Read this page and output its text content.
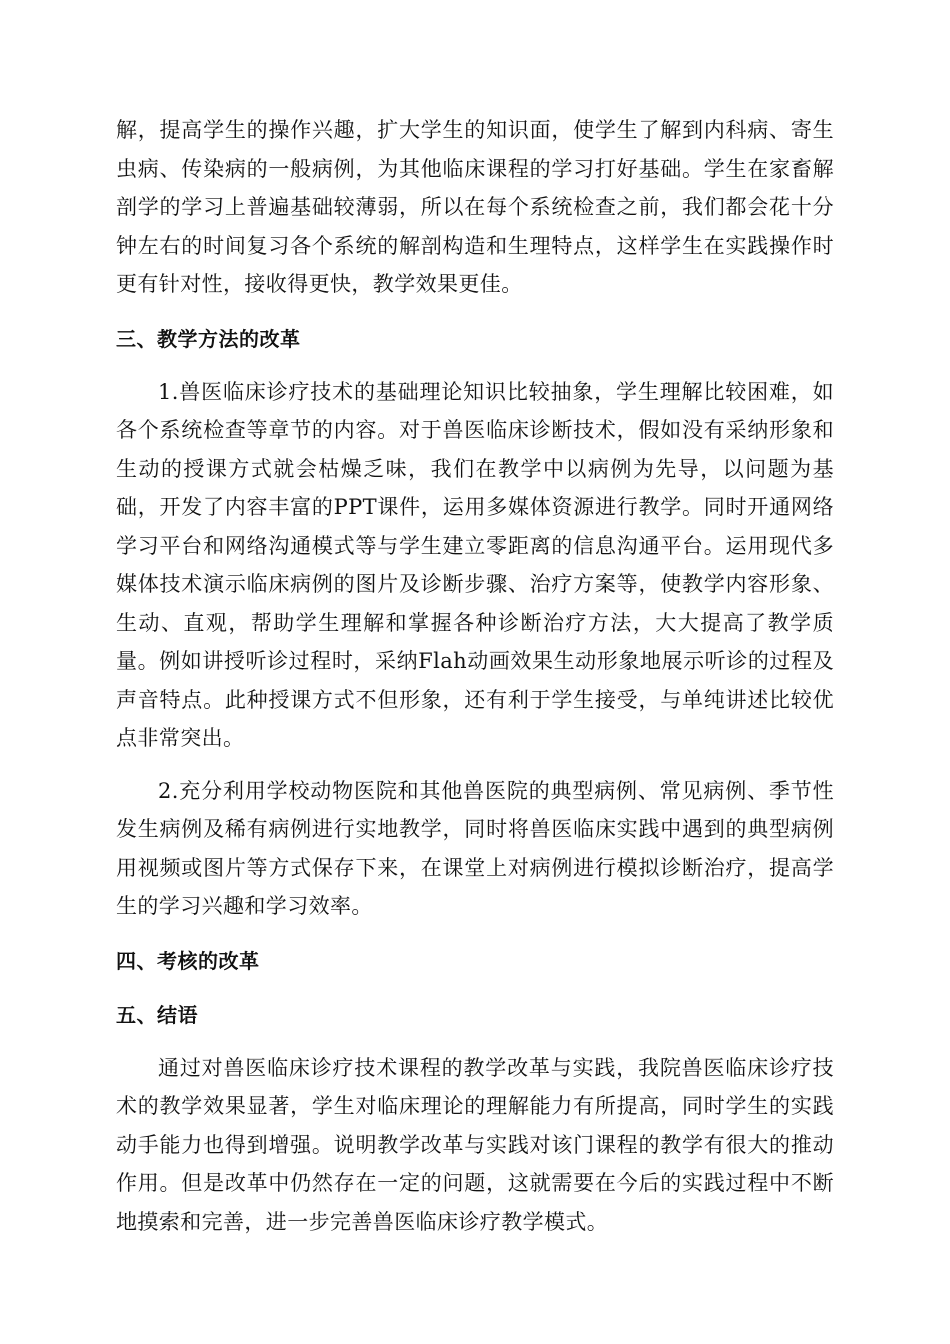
解，提高学生的操作兴趣，扩大学生的知识面，使学生了解到内科病、寄生虫病、传染病的一般病例，为其他临床课程的学习打好基础。学生在家畜解剖学的学习上普遍基础较薄弱，所以在每个系统检查之前，我们都会花十分钟左右的时间复习各个系统的解剖构造和生理特点，这样学生在实践操作时更有针对性，接收得更快，教学效果更佳。

三、教学方法的改革

1.兽医临床诊疗技术的基础理论知识比较抽象，学生理解比较困难，如各个系统检查等章节的内容。对于兽医临床诊断技术，假如没有采纳形象和生动的授课方式就会枯燥乏味，我们在教学中以病例为先导，以问题为基础，开发了内容丰富的PPT课件，运用多媒体资源进行教学。同时开通网络学习平台和网络沟通模式等与学生建立零距离的信息沟通平台。运用现代多媒体技术演示临床病例的图片及诊断步骤、治疗方案等，使教学内容形象、生动、直观，帮助学生理解和掌握各种诊断治疗方法，大大提高了教学质量。例如讲授听诊过程时，采纳Flah动画效果生动形象地展示听诊的过程及声音特点。此种授课方式不但形象，还有利于学生接受，与单纯讲述比较优点非常突出。

2.充分利用学校动物医院和其他兽医院的典型病例、常见病例、季节性发生病例及稀有病例进行实地教学，同时将兽医临床实践中遇到的典型病例用视频或图片等方式保存下来，在课堂上对病例进行模拟诊断治疗，提高学生的学习兴趣和学习效率。

四、考核的改革
五、结语

通过对兽医临床诊疗技术课程的教学改革与实践，我院兽医临床诊疗技术的教学效果显著，学生对临床理论的理解能力有所提高，同时学生的实践动手能力也得到增强。说明教学改革与实践对该门课程的教学有很大的推动作用。但是改革中仍然存在一定的问题，这就需要在今后的实践过程中不断地摸索和完善，进一步完善兽医临床诊疗教学模式。
